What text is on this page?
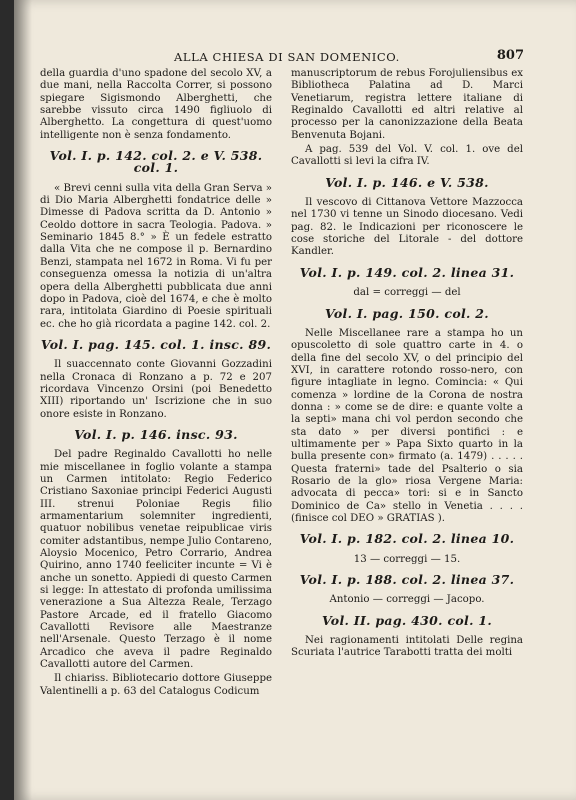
ALLA CHIESA DI SAN DOMENICO.	807

della guardia d'uno spadone del secolo XV, a due mani, nella Raccolta Correr, si possono spiegare Sigismondo Alberghetti, che sarebbe vissuto circa 1490 figliuolo di Alberghetto. La congettura di quest'uomo intelligente non è senza fondamento.

Vol. I. p. 142. col. 2. e V. 538. col. 1.

« Brevi cenni sulla vita della Gran Serva » di Dio Maria Alberghetti fondatrice delle » Dimesse di Padova scritta da D. Antonio » Ceoldo dottore in sacra Teologia. Padova. » Seminario 1845 8.° » È un fedele estratto dalla Vita che ne compose il p. Bernardino Benzi, stampata nel 1672 in Roma. Vi fu per conseguenza omessa la notizia di un'altra opera della Alberghetti pubblicata due anni dopo in Padova, cioè del 1674, e che è molto rara, intitolata Giardino di Poesie spirituali ec. che ho già ricordata a pagine 142. col. 2.

Vol. I. pag. 145. col. 1. insc. 89.

Il suaccennato conte Giovanni Gozzadini nella Cronaca di Ronzano a p. 72 e 207 ricordava Vincenzo Orsini (poi Benedetto XIII) riportando un' Iscrizione che in suo onore esiste in Ronzano.

Vol. I. p. 146. insc. 93.

Del padre Reginaldo Cavallotti ho nelle mie miscellanee in foglio volante a stampa un Carmen intitolato: Regio Federico Cristiano Saxoniae principi Federici Augusti III. strenui Poloniae Regis filio armamentarium solemniter ingredienti, quatuor nobilibus venetae reipublicae viris comiter adstantibus, nempe Julio Contareno, Aloysio Mocenico, Petro Corrario, Andrea Quirino, anno 1740 feeliciter incunte = Vi è anche un sonetto. Appiedi di questo Carmen si legge: In attestato di profonda umilissima venerazione a Sua Altezza Reale, Terzago Pastore Arcade, ed il fratello Giacomo Cavallotti Revisore alle Maestranze nell'Arsenale. Questo Terzago è il nome Arcadico che aveva il padre Reginaldo Cavallotti autore del Carmen.

Il chiariss. Bibliotecario dottore Giuseppe Valentinelli a p. 63 del Catalogus Codicum

manuscriptorum de rebus Forojuliensibus ex Bibliotheca Palatina ad D. Marci Venetiarum, registra lettere italiane di Reginaldo Cavallotti ed altri relative al processo per la canonizzazione della Beata Benvenuta Bojani.

A pag. 539 del Vol. V. col. 1. ove del Cavallotti si levi la cifra IV.

Vol. I. p. 146. e V. 538.

Il vescovo di Cittanova Vettore Mazzocca nel 1730 vi tenne un Sinodo diocesano. Vedi pag. 82. le Indicazioni per riconoscere le cose storiche del Litorale - del dottore Kandler.

Vol. I. p. 149. col. 2. linea 31.
dal = correggi — del
Vol. I. pag. 150. col. 2.

Nelle Miscellanee rare a stampa ho un opuscoletto di sole quattro carte in 4. o della fine del secolo XV, o del principio del XVI, in carattere rotondo rosso-nero, con figure intagliate in legno. Comincia: « Qui comenza » lordine de la Corona de nostra donna : » come se de dire: e quante volte a la septi» mana chi vol perdon secondo che sta dato » per diversi pontifici : e ultimamente per » Papa Sixto quarto in la bulla presente con» firmato (a. 1479) . . . . . Questa fraterni» tade del Psalterio o sia Rosario de la glo» riosa Vergene Maria: advocata di pecca» tori: si e in Sancto Dominico de Ca» stello in Venetia . . . . (finisce col DEO » GRATIAS ).

Vol. I. p. 182. col. 2. linea 10.
13 — correggi — 15.
Vol. I. p. 188. col. 2. linea 37.
Antonio — correggi — Jacopo.
Vol. II. pag. 430. col. 1.

Nei ragionamenti intitolati Delle regina Scuriata l'autrice Tarabotti tratta dei molti
